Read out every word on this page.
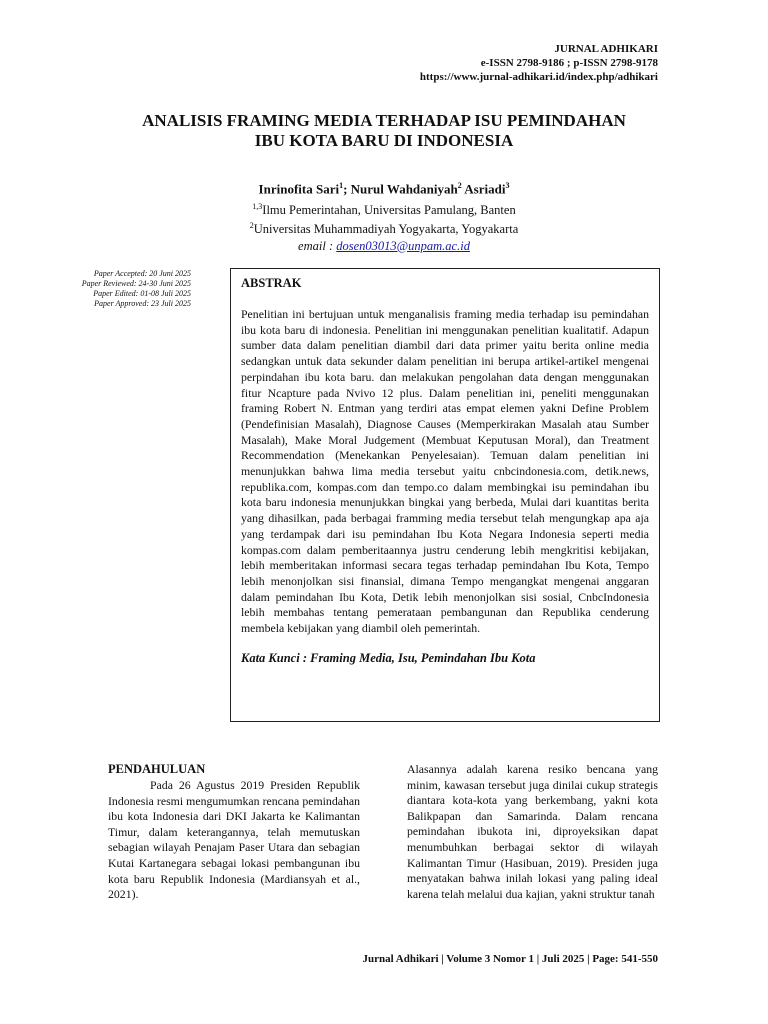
JURNAL ADHIKARI
e-ISSN 2798-9186 ; p-ISSN 2798-9178
https://www.jurnal-adhikari.id/index.php/adhikari
ANALISIS FRAMING MEDIA TERHADAP ISU PEMINDAHAN
IBU KOTA BARU DI INDONESIA
Inrinofita Sari$^1$; Nurul Wahdaniyah$^2$ Asriadi$^3$
$^{1,3}$Ilmu Pemerintahan, Universitas Pamulang, Banten
$^2$Universitas Muhammadiyah Yogyakarta, Yogyakarta
email : dosen03013@unpam.ac.id
Paper Accepted: 20 Juni 2025
Paper Reviewed: 24-30 Juni 2025
Paper Edited: 01-08 Juli 2025
Paper Approved: 23 Juli 2025
ABSTRAK

Penelitian ini bertujuan untuk menganalisis framing media terhadap isu pemindahan ibu kota baru di indonesia. Penelitian ini menggunakan penelitian kualitatif. Adapun sumber data dalam penelitian diambil dari data primer yaitu berita online media sedangkan untuk data sekunder dalam penelitian ini berupa artikel-artikel mengenai perpindahan ibu kota baru. dan melakukan pengolahan data dengan menggunakan fitur Ncapture pada Nvivo 12 plus. Dalam penelitian ini, peneliti menggunakan framing Robert N. Entman yang terdiri atas empat elemen yakni Define Problem (Pendefinisian Masalah), Diagnose Causes (Memperkirakan Masalah atau Sumber Masalah), Make Moral Judgement (Membuat Keputusan Moral), dan Treatment Recommendation (Menekankan Penyelesaian). Temuan dalam penelitian ini menunjukkan bahwa lima media tersebut yaitu cnbcindonesia.com, detik.news, republika.com, kompas.com dan tempo.co dalam membingkai isu pemindahan ibu kota baru indonesia menunjukkan bingkai yang berbeda, Mulai dari kuantitas berita yang dihasilkan, pada berbagai framming media tersebut telah mengungkap apa aja yang terdampak dari isu pemindahan Ibu Kota Negara Indonesia seperti media kompas.com dalam pemberitaannya justru cenderung lebih mengkritisi kebijakan, lebih memberitakan informasi secara tegas terhadap pemindahan Ibu Kota, Tempo lebih menonjolkan sisi finansial, dimana Tempo mengangkat mengenai anggaran dalam pemindahan Ibu Kota, Detik lebih menonjolkan sisi sosial, CnbcIndonesia lebih membahas tentang pemerataan pembangunan dan Republika cenderung membela kebijakan yang diambil oleh pemerintah.

Kata Kunci : Framing Media, Isu, Pemindahan Ibu Kota
PENDAHULUAN

Pada 26 Agustus 2019 Presiden Republik Indonesia resmi mengumumkan rencana pemindahan ibu kota Indonesia dari DKI Jakarta ke Kalimantan Timur, dalam keterangannya, telah memutuskan sebagian wilayah Penajam Paser Utara dan sebagian Kutai Kartanegara sebagai lokasi pembangunan ibu kota baru Republik Indonesia (Mardiansyah et al., 2021).

Alasannya adalah karena resiko bencana yang minim, kawasan tersebut juga dinilai cukup strategis diantara kota-kota yang berkembang, yakni kota Balikpapan dan Samarinda. Dalam rencana pemindahan ibukota ini, diproyeksikan dapat menumbuhkan berbagai sektor di wilayah Kalimantan Timur (Hasibuan, 2019). Presiden juga menyatakan bahwa inilah lokasi yang paling ideal karena telah melalui dua kajian, yakni struktur tanah

Jurnal Adhikari | Volume 3 Nomor 1 | Juli 2025 | Page: 541-550
